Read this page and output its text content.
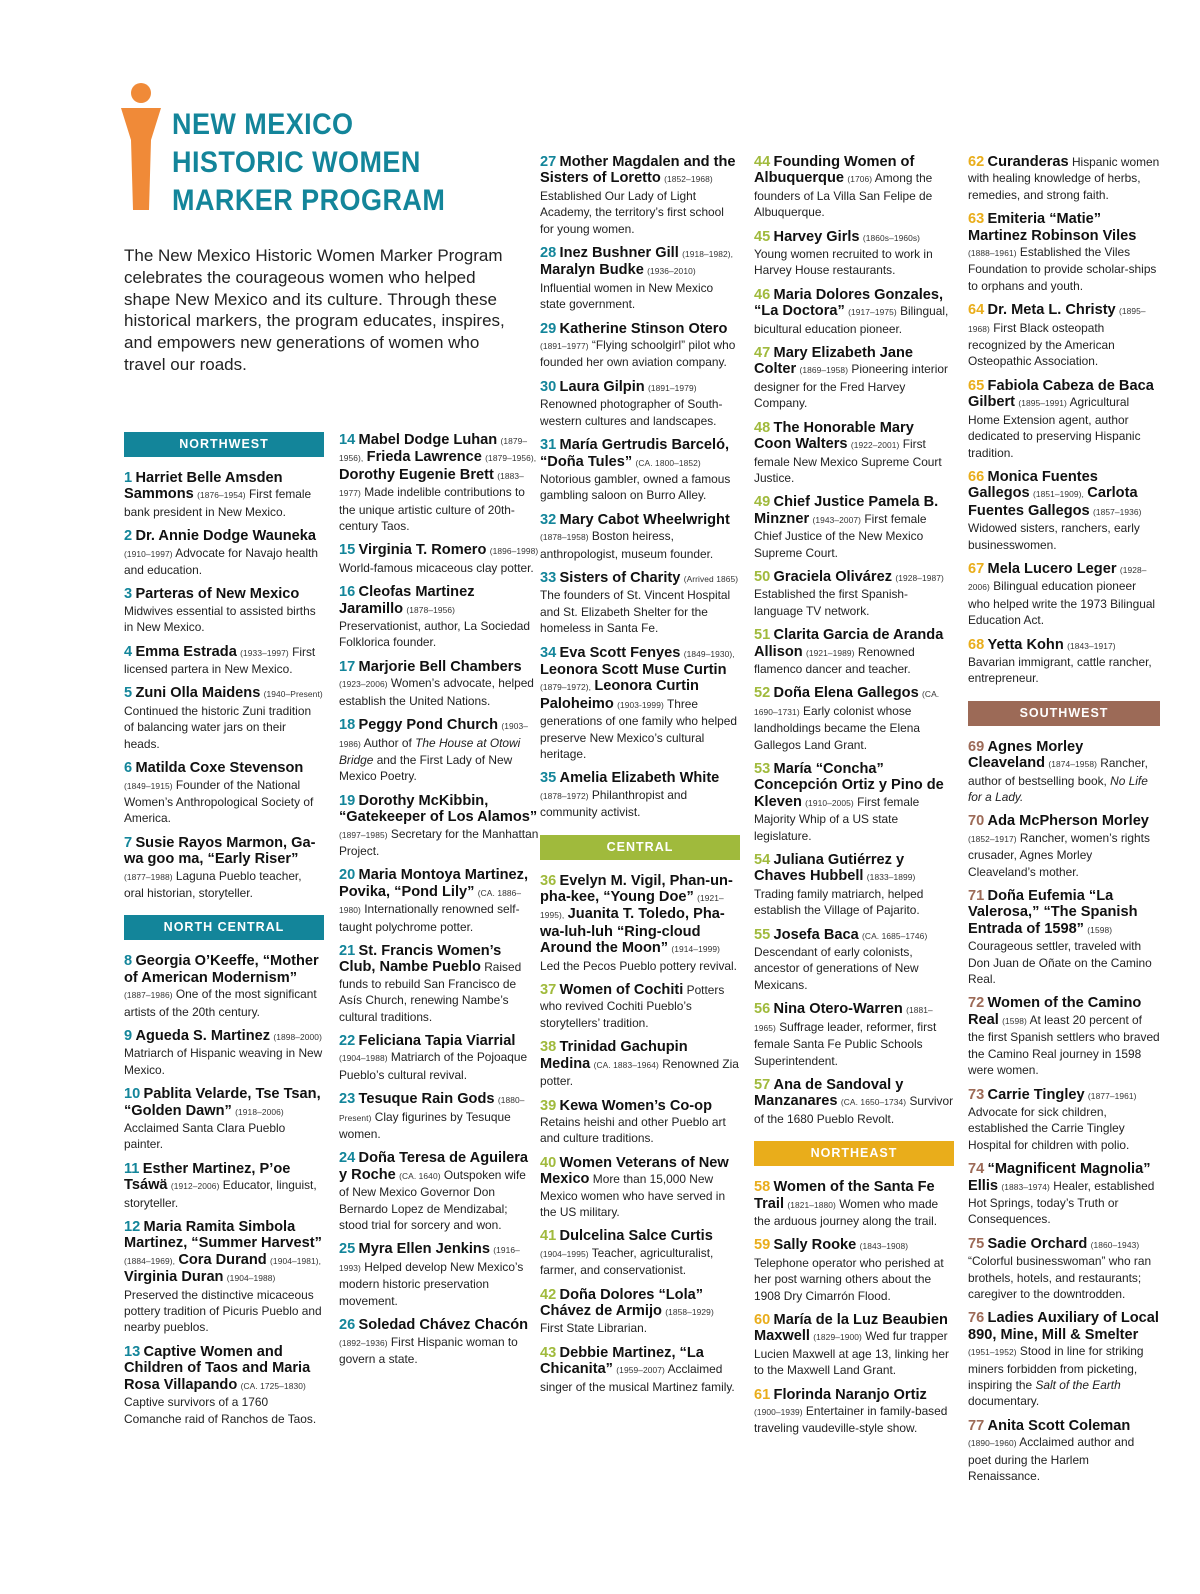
NEW MEXICO
HISTORIC WOMEN
MARKER PROGRAM
The New Mexico Historic Women Marker Program celebrates the courageous women who helped shape New Mexico and its culture. Through these historical markers, the program educates, inspires, and empowers new generations of women who travel our roads.
NORTHWEST
1 Harriet Belle Amsden Sammons (1876–1954) First female bank president in New Mexico.
2 Dr. Annie Dodge Wauneka (1910–1997) Advocate for Navajo health and education.
3 Parteras of New Mexico Midwives essential to assisted births in New Mexico.
4 Emma Estrada (1933–1997) First licensed partera in New Mexico.
5 Zuni Olla Maidens (1940–Present) Continued the historic Zuni tradition of balancing water jars on their heads.
6 Matilda Coxe Stevenson (1849–1915) Founder of the National Women’s Anthropological Society of America.
7 Susie Rayos Marmon, Ga-wa goo ma, “Early Riser” (1877–1988) Laguna Pueblo teacher, oral historian, storyteller.
NORTH CENTRAL
8 Georgia O’Keeffe, “Mother of American Modernism” (1887–1986) One of the most significant artists of the 20th century.
9 Agueda S. Martinez (1898–2000) Matriarch of Hispanic weaving in New Mexico.
10 Pablita Velarde, Tse Tsan, “Golden Dawn” (1918–2006) Acclaimed Santa Clara Pueblo painter.
11 Esther Martinez, P’oe Tsáwä (1912–2006) Educator, linguist, storyteller.
12 Maria Ramita Simbola Martinez, “Summer Harvest” (1884–1969), Cora Durand (1904–1981), Virginia Duran (1904–1988) Preserved the distinctive micaceous pottery tradition of Picuris Pueblo and nearby pueblos.
13 Captive Women and Children of Taos and Maria Rosa Villapando (CA. 1725–1830) Captive survivors of a 1760 Comanche raid of Ranchos de Taos.
14 Mabel Dodge Luhan (1879–1956), Frieda Lawrence (1879–1956), Dorothy Eugenie Brett (1883–1977) Made indelible contributions to the unique artistic culture of 20th-century Taos.
15 Virginia T. Romero (1896–1998) World-famous micaceous clay potter.
16 Cleofas Martinez Jaramillo (1878–1956) Preservationist, author, La Sociedad Folklorica founder.
17 Marjorie Bell Chambers (1923–2006) Women’s advocate, helped establish the United Nations.
18 Peggy Pond Church (1903–1986) Author of The House at Otowi Bridge and the First Lady of New Mexico Poetry.
19 Dorothy McKibbin, “Gatekeeper of Los Alamos” (1897–1985) Secretary for the Manhattan Project.
20 Maria Montoya Martinez, Povika, “Pond Lily” (CA. 1886–1980) Internationally renowned self-taught polychrome potter.
21 St. Francis Women’s Club, Nambe Pueblo Raised funds to rebuild San Francisco de Asís Church, renewing Nambe’s cultural traditions.
22 Feliciana Tapia Viarrial (1904–1988) Matriarch of the Pojoaque Pueblo’s cultural revival.
23 Tesuque Rain Gods (1880–Present) Clay figurines by Tesuque women.
24 Doña Teresa de Aguilera y Roche (CA. 1640) Outspoken wife of New Mexico Governor Don Bernardo Lopez de Mendizabal; stood trial for sorcery and won.
25 Myra Ellen Jenkins (1916–1993) Helped develop New Mexico’s modern historic preservation movement.
26 Soledad Chávez Chacón (1892–1936) First Hispanic woman to govern a state.
27 Mother Magdalen and the Sisters of Loretto (1852–1968) Established Our Lady of Light Academy, the territory’s first school for young women.
28 Inez Bushner Gill (1918–1982), Maralyn Budke (1936–2010) Influential women in New Mexico state government.
29 Katherine Stinson Otero (1891–1977) “Flying schoolgirl” pilot who founded her own aviation company.
30 Laura Gilpin (1891–1979) Renowned photographer of South-western cultures and landscapes.
31 María Gertrudis Barceló, “Doña Tules” (CA. 1800–1852) Notorious gambler, owned a famous gambling saloon on Burro Alley.
32 Mary Cabot Wheelwright (1878–1958) Boston heiress, anthropologist, museum founder.
33 Sisters of Charity (Arrived 1865) The founders of St. Vincent Hospital and St. Elizabeth Shelter for the homeless in Santa Fe.
34 Eva Scott Fenyes (1849–1930), Leonora Scott Muse Curtin (1879–1972), Leonora Curtin Paloheimo (1903-1999) Three generations of one family who helped preserve New Mexico’s cultural heritage.
35 Amelia Elizabeth White (1878–1972) Philanthropist and community activist.
CENTRAL
36 Evelyn M. Vigil, Phan-un-pha-kee, “Young Doe” (1921–1995), Juanita T. Toledo, Pha-wa-luh-luh “Ring-cloud Around the Moon” (1914–1999) Led the Pecos Pueblo pottery revival.
37 Women of Cochiti Potters who revived Cochiti Pueblo’s storytellers’ tradition.
38 Trinidad Gachupin Medina (CA. 1883–1964) Renowned Zia potter.
39 Kewa Women’s Co-op Retains heishi and other Pueblo art and culture traditions.
40 Women Veterans of New Mexico More than 15,000 New Mexico women who have served in the US military.
41 Dulcelina Salce Curtis (1904–1995) Teacher, agriculturalist, farmer, and conservationist.
42 Doña Dolores “Lola” Chávez de Armijo (1858–1929) First State Librarian.
43 Debbie Martinez, “La Chicanita” (1959–2007) Acclaimed singer of the musical Martinez family.
44 Founding Women of Albuquerque (1706) Among the founders of La Villa San Felipe de Albuquerque.
45 Harvey Girls (1860s–1960s) Young women recruited to work in Harvey House restaurants.
46 Maria Dolores Gonzales, “La Doctora” (1917–1975) Bilingual, bicultural education pioneer.
47 Mary Elizabeth Jane Colter (1869–1958) Pioneering interior designer for the Fred Harvey Company.
48 The Honorable Mary Coon Walters (1922–2001) First female New Mexico Supreme Court Justice.
49 Chief Justice Pamela B. Minzner (1943–2007) First female Chief Justice of the New Mexico Supreme Court.
50 Graciela Olivárez (1928–1987) Established the first Spanish-language TV network.
51 Clarita Garcia de Aranda Allison (1921–1989) Renowned flamenco dancer and teacher.
52 Doña Elena Gallegos (CA. 1690–1731) Early colonist whose landholdings became the Elena Gallegos Land Grant.
53 María “Concha” Concepción Ortiz y Pino de Kleven (1910–2005) First female Majority Whip of a US state legislature.
54 Juliana Gutiérrez y Chaves Hubbell (1833–1899) Trading family matriarch, helped establish the Village of Pajarito.
55 Josefa Baca (CA. 1685–1746) Descendant of early colonists, ancestor of generations of New Mexicans.
56 Nina Otero-Warren (1881–1965) Suffrage leader, reformer, first female Santa Fe Public Schools Superintendent.
57 Ana de Sandoval y Manzanares (CA. 1650–1734) Survivor of the 1680 Pueblo Revolt.
NORTHEAST
58 Women of the Santa Fe Trail (1821–1880) Women who made the arduous journey along the trail.
59 Sally Rooke (1843–1908) Telephone operator who perished at her post warning others about the 1908 Dry Cimarrón Flood.
60 María de la Luz Beaubien Maxwell (1829–1900) Wed fur trapper Lucien Maxwell at age 13, linking her to the Maxwell Land Grant.
61 Florinda Naranjo Ortiz (1900–1939) Entertainer in family-based traveling vaudeville-style show.
62 Curanderas Hispanic women with healing knowledge of herbs, remedies, and strong faith.
63 Emiteria “Matie” Martinez Robinson Viles (1888–1961) Established the Viles Foundation to provide scholar-ships to orphans and youth.
64 Dr. Meta L. Christy (1895–1968) First Black osteopath recognized by the American Osteopathic Association.
65 Fabiola Cabeza de Baca Gilbert (1895–1991) Agricultural Home Extension agent, author dedicated to preserving Hispanic tradition.
66 Monica Fuentes Gallegos (1851–1909), Carlota Fuentes Gallegos (1857–1936) Widowed sisters, ranchers, early businesswomen.
67 Mela Lucero Leger (1928–2006) Bilingual education pioneer who helped write the 1973 Bilingual Education Act.
68 Yetta Kohn (1843–1917) Bavarian immigrant, cattle rancher, entrepreneur.
SOUTHWEST
69 Agnes Morley Cleaveland (1874–1958) Rancher, author of bestselling book, No Life for a Lady.
70 Ada McPherson Morley (1852–1917) Rancher, women’s rights crusader, Agnes Morley Cleaveland’s mother.
71 Doña Eufemia “La Valerosa,” “The Spanish Entrada of 1598” (1598) Courageous settler, traveled with Don Juan de Oñate on the Camino Real.
72 Women of the Camino Real (1598) At least 20 percent of the first Spanish settlers who braved the Camino Real journey in 1598 were women.
73 Carrie Tingley (1877–1961) Advocate for sick children, established the Carrie Tingley Hospital for children with polio.
74 “Magnificent Magnolia” Ellis (1883–1974) Healer, established Hot Springs, today’s Truth or Consequences.
75 Sadie Orchard (1860–1943) “Colorful businesswoman” who ran brothels, hotels, and restaurants; caregiver to the downtrodden.
76 Ladies Auxiliary of Local 890, Mine, Mill & Smelter (1951–1952) Stood in line for striking miners forbidden from picketing, inspiring the Salt of the Earth documentary.
77 Anita Scott Coleman (1890–1960) Acclaimed author and poet during the Harlem Renaissance.
